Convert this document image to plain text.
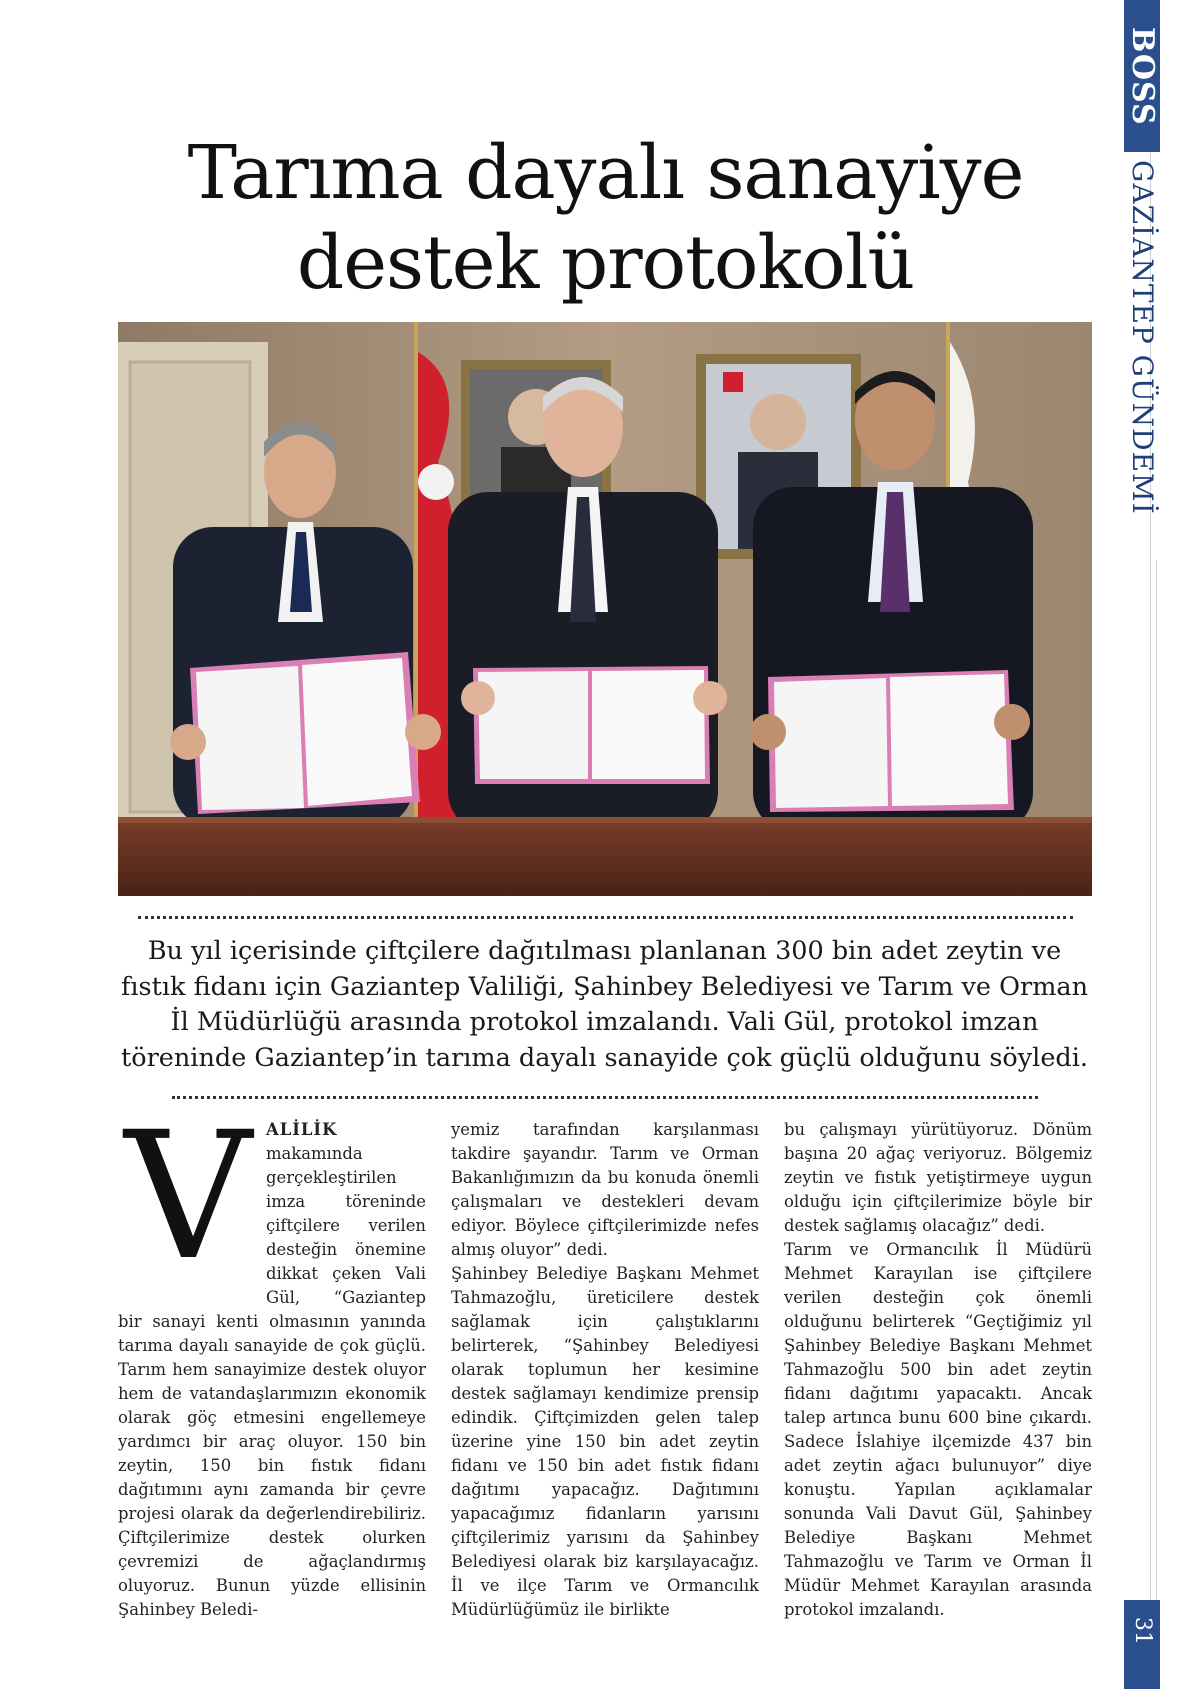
BOSS
GAZİANTEP GÜNDEMİ
31
Tarıma dayalı sanayiye
destek protokolü
Bu yıl içerisinde çiftçilere dağıtılması planlanan 300 bin adet zeytin ve fıstık fidanı için Gaziantep Valiliği, Şahinbey Belediyesi ve Tarım ve Orman İl Müdürlüğü arasında protokol imzalandı. Vali Gül, protokol imzan töreninde Gaziantep’in tarıma dayalı sanayide çok güçlü olduğunu söyledi.
V ALİLİK makamında gerçekleştirilen imza töreninde çiftçilere verilen desteğin önemine dikkat çeken Vali Gül, “Gaziantep bir sanayi kenti olmasının yanında tarıma dayalı sanayide de çok güçlü. Tarım hem sanayimize destek oluyor hem de vatandaşlarımızın ekonomik olarak göç etmesini engellemeye yardımcı bir araç oluyor. 150 bin zeytin, 150 bin fıstık fidanı dağıtımını aynı zamanda bir çevre projesi olarak da değerlendirebiliriz. Çiftçilerimize destek olurken çevremizi de ağaçlandırmış oluyoruz. Bunun yüzde ellisinin Şahinbey Beledi-

yemiz tarafından karşılanması takdire şayandır. Tarım ve Orman Bakanlığımızın da bu konuda önemli çalışmaları ve destekleri devam ediyor. Böylece çiftçilerimizde nefes almış oluyor” dedi.

Şahinbey Belediye Başkanı Mehmet Tahmazoğlu, üreticilere destek sağlamak için çalıştıklarını belirterek, “Şahinbey Belediyesi olarak toplumun her kesimine destek sağlamayı kendimize prensip edindik. Çiftçimizden gelen talep üzerine yine 150 bin adet zeytin fidanı ve 150 bin adet fıstık fidanı dağıtımı yapacağız. Dağıtımını yapacağımız fidanların yarısını çiftçilerimiz yarısını da Şahinbey Belediyesi olarak biz karşılayacağız. İl ve ilçe Tarım ve Ormancılık Müdürlüğümüz ile birlikte

bu çalışmayı yürütüyoruz. Dönüm başına 20 ağaç veriyoruz. Bölgemiz zeytin ve fıstık yetiştirmeye uygun olduğu için çiftçilerimize böyle bir destek sağlamış olacağız” dedi.

Tarım ve Ormancılık İl Müdürü Mehmet Karayılan ise çiftçilere verilen desteğin çok önemli olduğunu belirterek “Geçtiğimiz yıl Şahinbey Belediye Başkanı Mehmet Tahmazoğlu 500 bin adet zeytin fidanı dağıtımı yapacaktı. Ancak talep artınca bunu 600 bine çıkardı. Sadece İslahiye ilçemizde 437 bin adet zeytin ağacı bulunuyor” diye konuştu. Yapılan açıklamalar sonunda Vali Davut Gül, Şahinbey Belediye Başkanı Mehmet Tahmazoğlu ve Tarım ve Orman İl Müdür Mehmet Karayılan arasında protokol imzalandı.
